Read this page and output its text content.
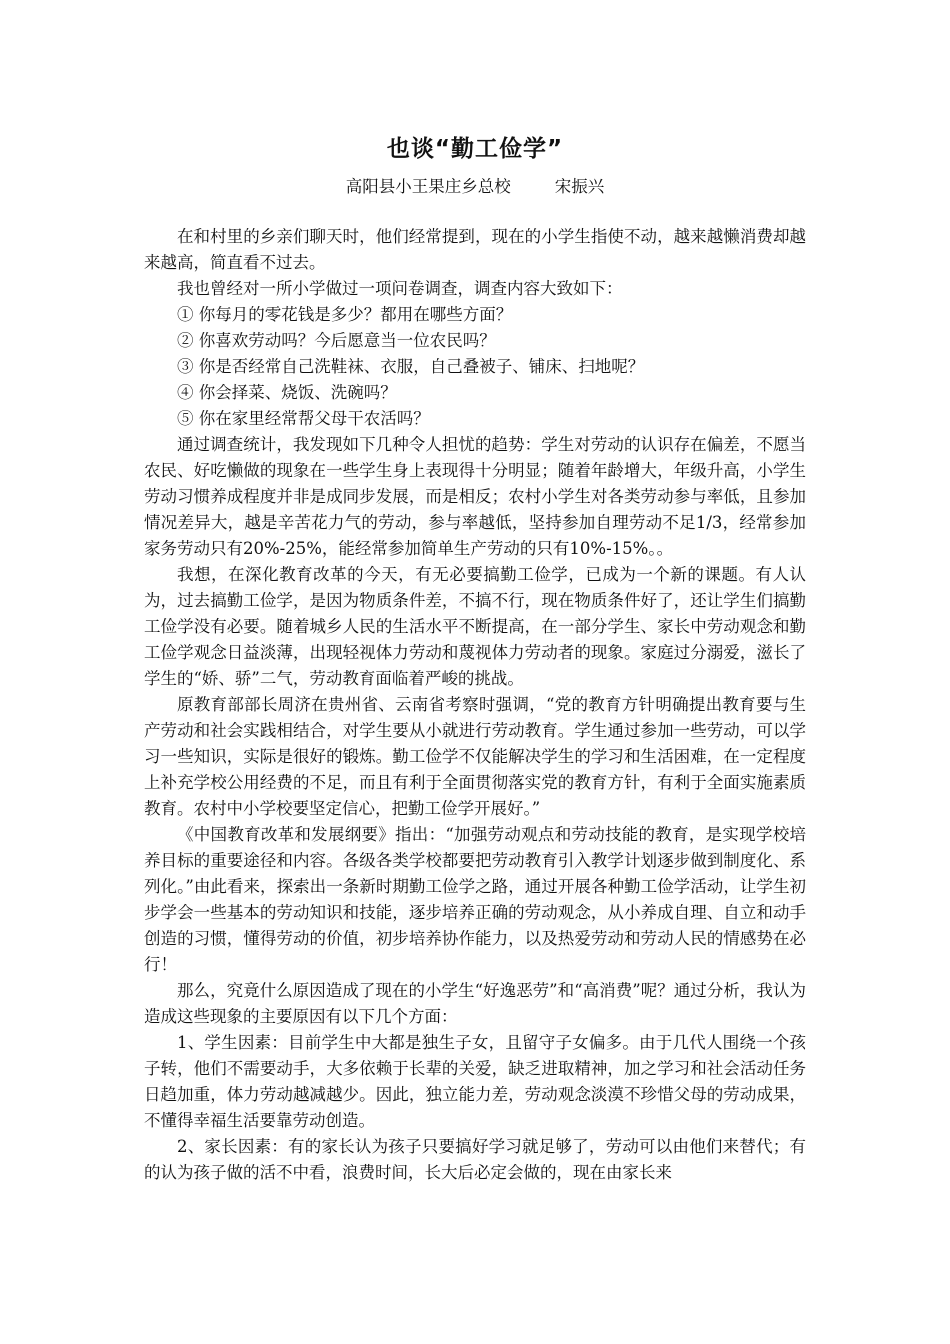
也谈“勤工俭学”
高阳县小王果庄乡总校	宋振兴

在和村里的乡亲们聊天时，他们经常提到，现在的小学生指使不动，越来越懒消费却越来越高，简直看不过去。

我也曾经对一所小学做过一项问卷调查，调查内容大致如下：

① 你每月的零花钱是多少？都用在哪些方面？

② 你喜欢劳动吗？今后愿意当一位农民吗？

③ 你是否经常自己洗鞋袜、衣服，自己叠被子、铺床、扫地呢？

④ 你会择菜、烧饭、洗碗吗？

⑤ 你在家里经常帮父母干农活吗？

通过调查统计，我发现如下几种令人担忧的趋势：学生对劳动的认识存在偏差，不愿当农民、好吃懒做的现象在一些学生身上表现得十分明显；随着年龄增大，年级升高，小学生劳动习惯养成程度并非是成同步发展，而是相反；农村小学生对各类劳动参与率低，且参加情况差异大，越是辛苦花力气的劳动，参与率越低，坚持参加自理劳动不足1/3，经常参加家务劳动只有20%-25%，能经常参加简单生产劳动的只有10%-15%。。

我想，在深化教育改革的今天，有无必要搞勤工俭学，已成为一个新的课题。有人认为，过去搞勤工俭学，是因为物质条件差，不搞不行，现在物质条件好了，还让学生们搞勤工俭学没有必要。随着城乡人民的生活水平不断提高，在一部分学生、家长中劳动观念和勤工俭学观念日益淡薄，出现轻视体力劳动和蔑视体力劳动者的现象。家庭过分溺爱，滋长了学生的“娇、骄”二气，劳动教育面临着严峻的挑战。

原教育部部长周济在贵州省、云南省考察时强调，“党的教育方针明确提出教育要与生产劳动和社会实践相结合，对学生要从小就进行劳动教育。学生通过参加一些劳动，可以学习一些知识，实际是很好的锻炼。勤工俭学不仅能解决学生的学习和生活困难，在一定程度上补充学校公用经费的不足，而且有利于全面贯彻落实党的教育方针，有利于全面实施素质教育。农村中小学校要坚定信心，把勤工俭学开展好。”

《中国教育改革和发展纲要》指出：“加强劳动观点和劳动技能的教育，是实现学校培养目标的重要途径和内容。各级各类学校都要把劳动教育引入教学计划逐步做到制度化、系列化。”由此看来，探索出一条新时期勤工俭学之路，通过开展各种勤工俭学活动，让学生初步学会一些基本的劳动知识和技能，逐步培养正确的劳动观念，从小养成自理、自立和动手创造的习惯，懂得劳动的价值，初步培养协作能力，以及热爱劳动和劳动人民的情感势在必行！

那么，究竟什么原因造成了现在的小学生“好逸恶劳”和“高消费”呢？通过分析，我认为造成这些现象的主要原因有以下几个方面：

1、学生因素：目前学生中大都是独生子女，且留守子女偏多。由于几代人围绕一个孩子转，他们不需要动手，大多依赖于长辈的关爱，缺乏进取精神，加之学习和社会活动任务日趋加重，体力劳动越减越少。因此，独立能力差，劳动观念淡漠不珍惜父母的劳动成果，不懂得幸福生活要靠劳动创造。

2、家长因素：有的家长认为孩子只要搞好学习就足够了，劳动可以由他们来替代；有的认为孩子做的活不中看，浪费时间，长大后必定会做的，现在由家长来
